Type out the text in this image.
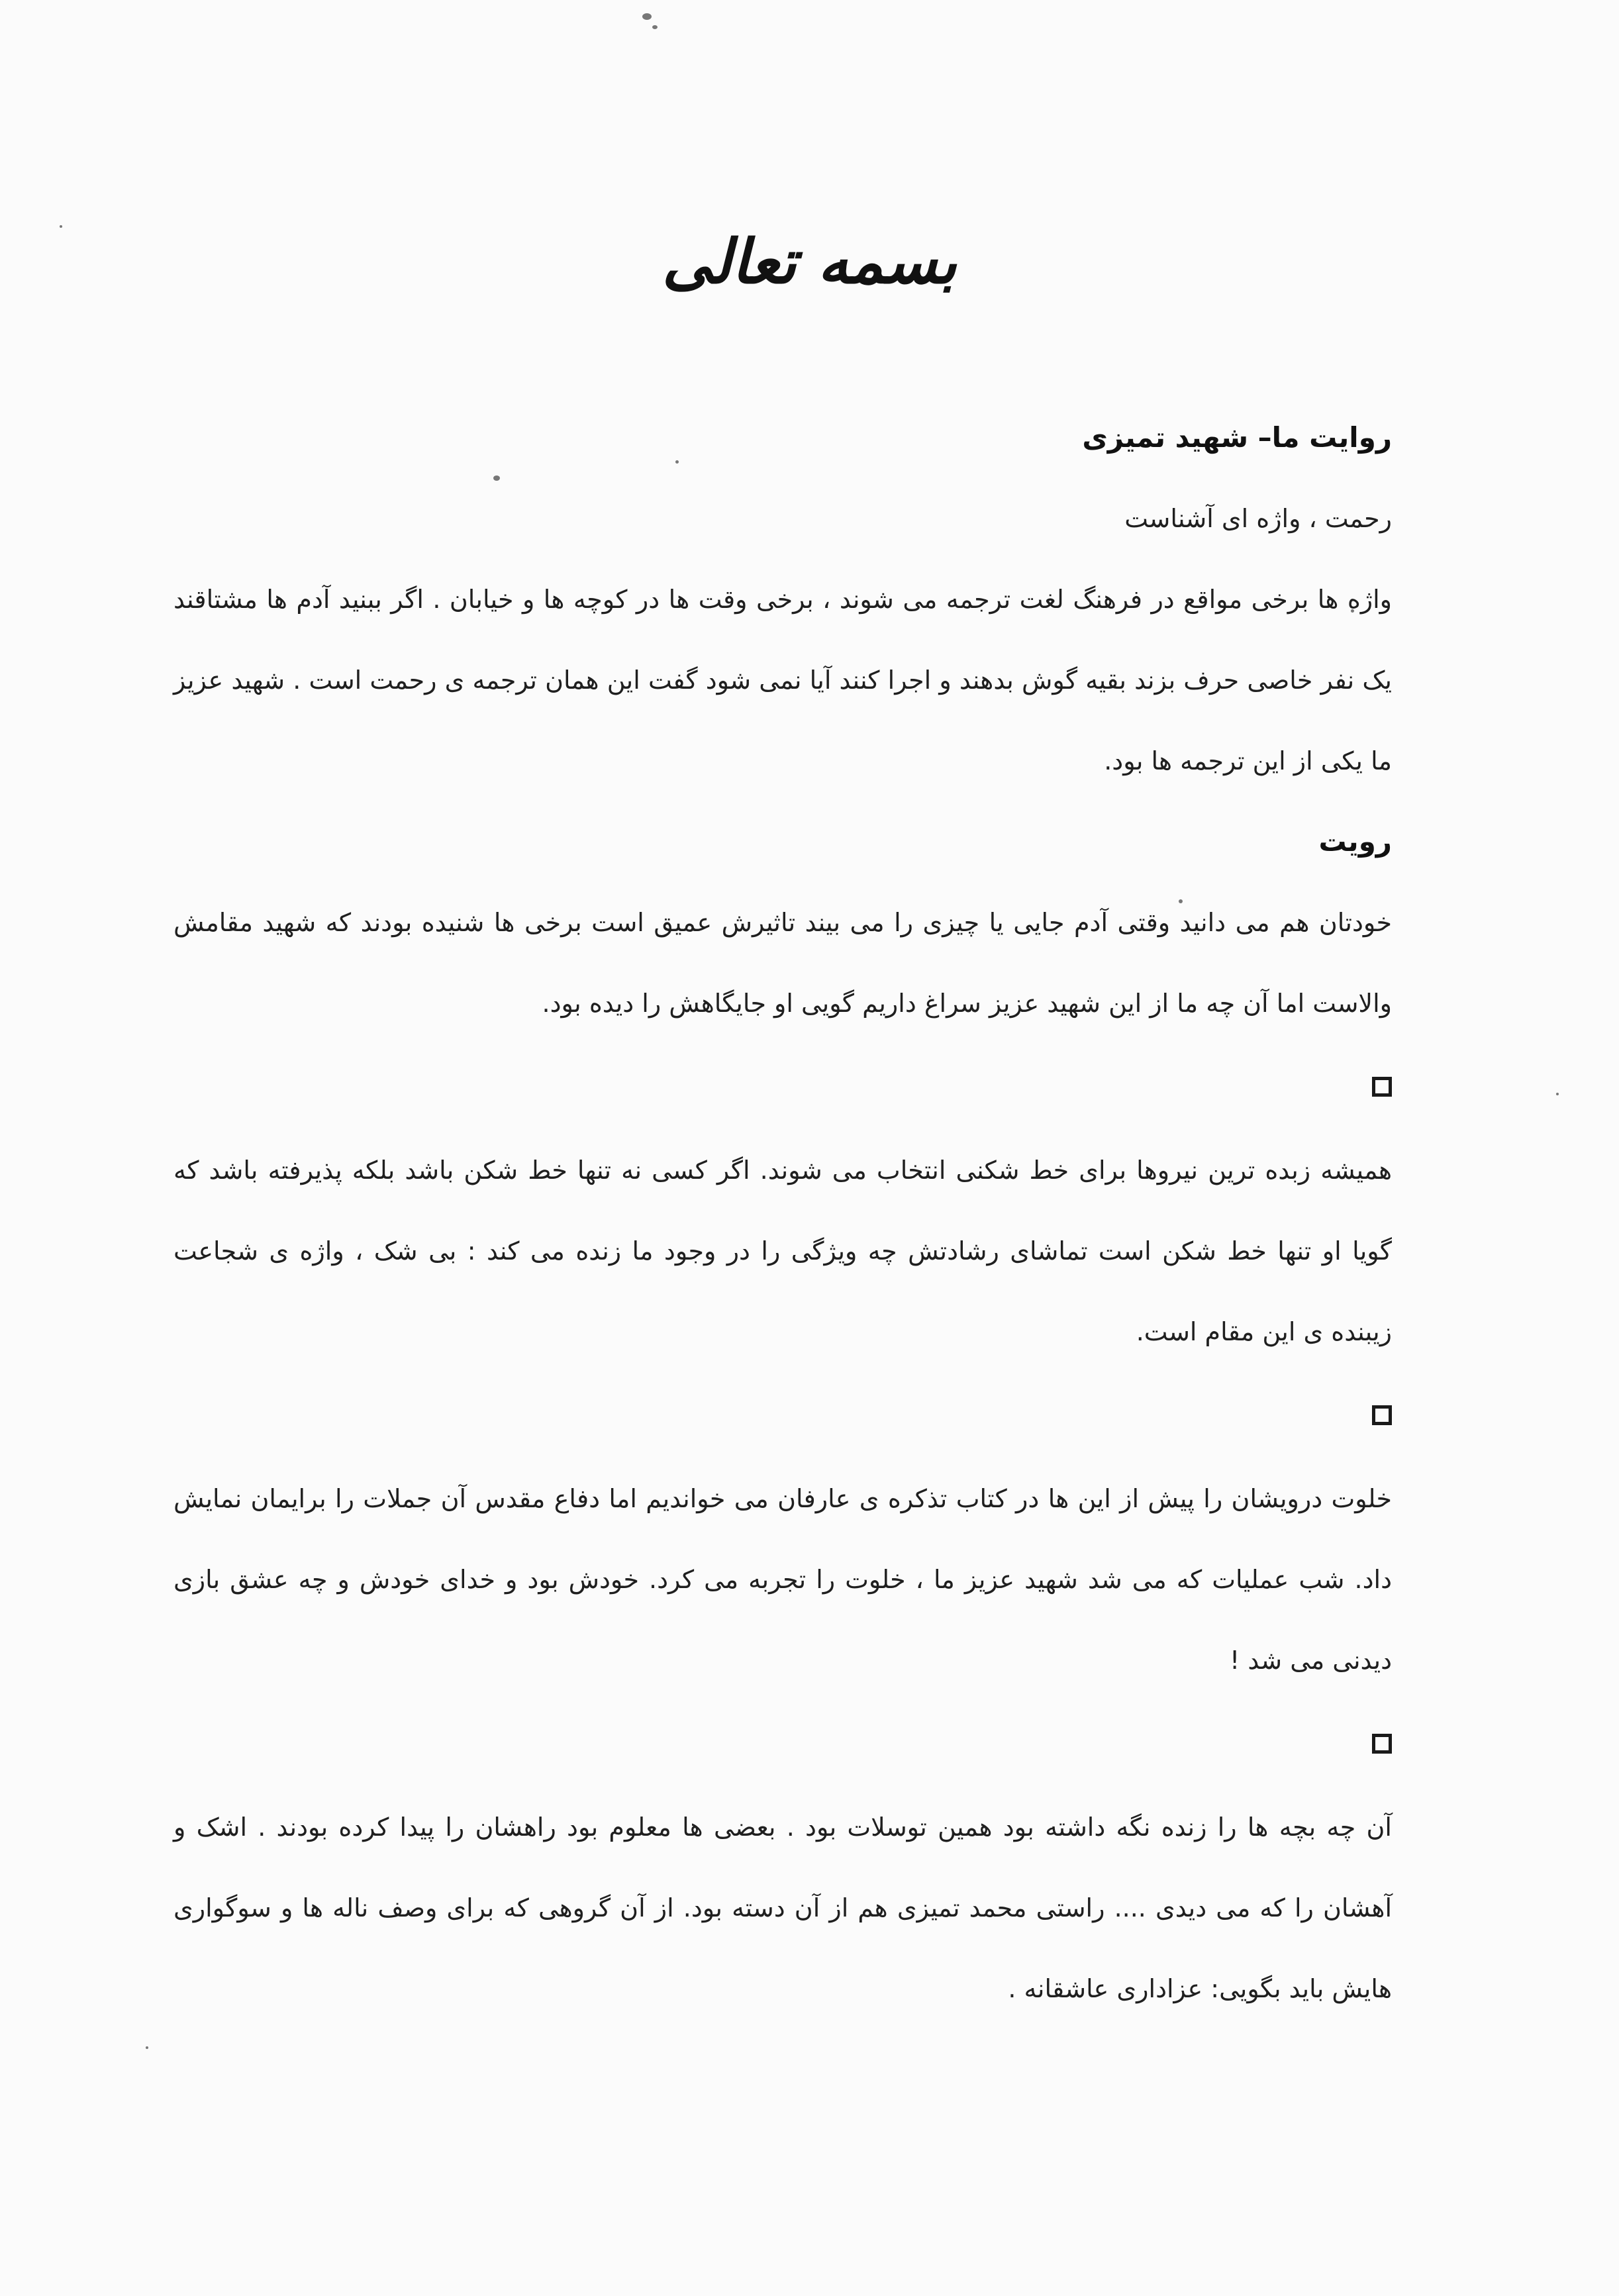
بسمه تعالی

روایت ما– شهید تمیزی

رحمت ، واژه ای آشناست

واژه ها برخی مواقع در فرهنگ لغت ترجمه می شوند ، برخی وقت ها در کوچه ها و خیابان . اگر ببنید آدم ها مشتاقند یک نفر خاصی حرف بزند بقیه گوش بدهند و اجرا کنند آیا نمی شود گفت این همان ترجمه ی رحمت است . شهید عزیز ما یکی از این ترجمه ها بود.

رویت

خودتان هم می دانید وقتی آدم جایی یا چیزی را می بیند تاثیرش عمیق است برخی ها شنیده بودند که شهید مقامش والاست اما آن چه ما از این شهید عزیز سراغ داریم گویی او جایگاهش را دیده بود.

همیشه زبده ترین نیروها برای خط شکنی انتخاب می شوند. اگر کسی نه تنها خط شکن باشد بلکه پذیرفته باشد که گویا او تنها خط شکن است تماشای رشادتش چه ویژگی را در وجود ما زنده می کند : بی شک ، واژه ی شجاعت زیبنده ی این مقام است.

خلوت درویشان را پیش از این ها در کتاب تذکره ی عارفان می خواندیم اما دفاع مقدس آن جملات را برایمان نمایش داد. شب عملیات که می شد شهید عزیز ما ، خلوت را تجربه می کرد. خودش بود و خدای خودش و چه عشق بازی دیدنی می شد !

آن چه بچه ها را زنده نگه داشته بود همین توسلات بود . بعضی ها معلوم بود راهشان را پیدا کرده بودند . اشک و آهشان را که می دیدی .... راستی محمد تمیزی هم از آن دسته بود. از آن گروهی که برای وصف ناله ها و سوگواری هایش باید بگویی: عزاداری عاشقانه .
